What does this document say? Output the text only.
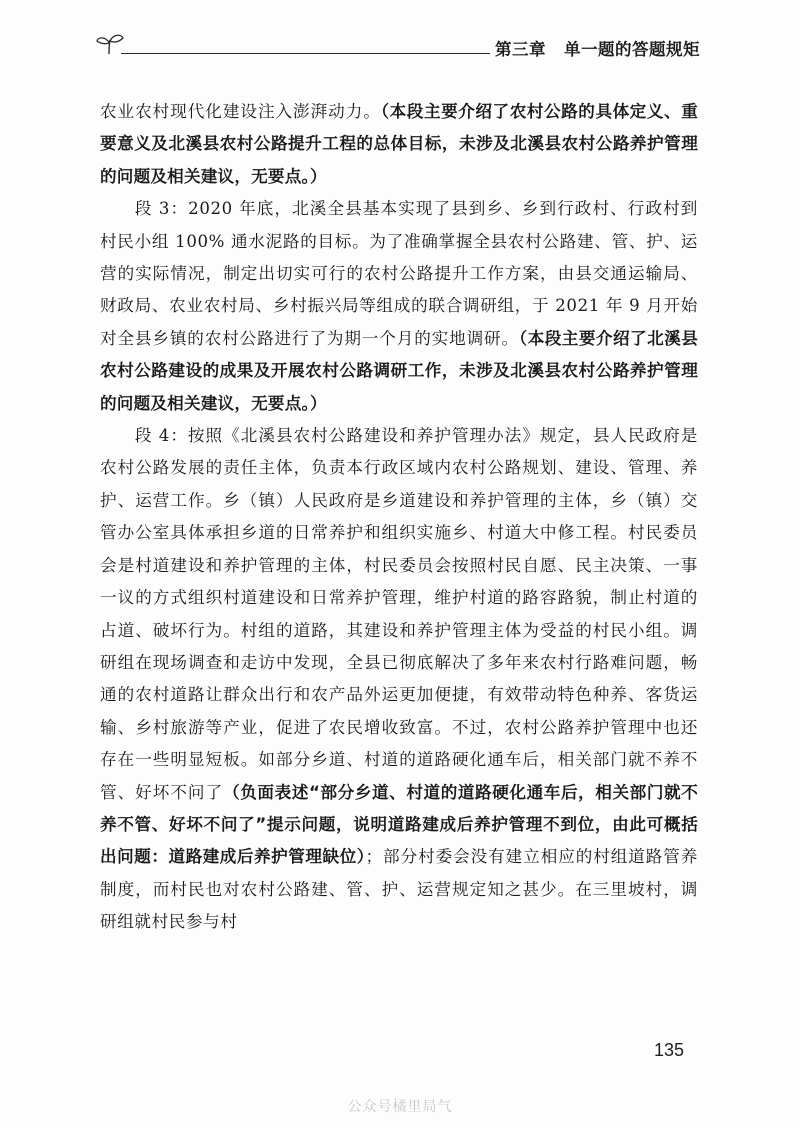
第三章 单一题的答题规矩

农业农村现代化建设注入澎湃动力。（本段主要介绍了农村公路的具体定义、重要意义及北溪县农村公路提升工程的总体目标，未涉及北溪县农村公路养护管理的问题及相关建议，无要点。）

段 3：2020 年底，北溪全县基本实现了县到乡、乡到行政村、行政村到村民小组 100% 通水泥路的目标。为了准确掌握全县农村公路建、管、护、运营的实际情况，制定出切实可行的农村公路提升工作方案，由县交通运输局、财政局、农业农村局、乡村振兴局等组成的联合调研组，于 2021 年 9 月开始对全县乡镇的农村公路进行了为期一个月的实地调研。（本段主要介绍了北溪县农村公路建设的成果及开展农村公路调研工作，未涉及北溪县农村公路养护管理的问题及相关建议，无要点。）

段 4：按照《北溪县农村公路建设和养护管理办法》规定，县人民政府是农村公路发展的责任主体，负责本行政区域内农村公路规划、建设、管理、养护、运营工作。乡（镇）人民政府是乡道建设和养护管理的主体，乡（镇）交管办公室具体承担乡道的日常养护和组织实施乡、村道大中修工程。村民委员会是村道建设和养护管理的主体，村民委员会按照村民自愿、民主决策、一事一议的方式组织村道建设和日常养护管理，维护村道的路容路貌，制止村道的占道、破坏行为。村组的道路，其建设和养护管理主体为受益的村民小组。调研组在现场调查和走访中发现，全县已彻底解决了多年来农村行路难问题，畅通的农村道路让群众出行和农产品外运更加便捷，有效带动特色种养、客货运输、乡村旅游等产业，促进了农民增收致富。不过，农村公路养护管理中也还存在一些明显短板。如部分乡道、村道的道路硬化通车后，相关部门就不养不管、好坏不问了（负面表述“部分乡道、村道的道路硬化通车后，相关部门就不养不管、好坏不问了”提示问题，说明道路建成后养护管理不到位，由此可概括出问题：道路建成后养护管理缺位）；部分村委会没有建立相应的村组道路管养制度，而村民也对农村公路建、管、护、运营规定知之甚少。在三里坡村，调研组就村民参与村

135
公众号橘里局气
